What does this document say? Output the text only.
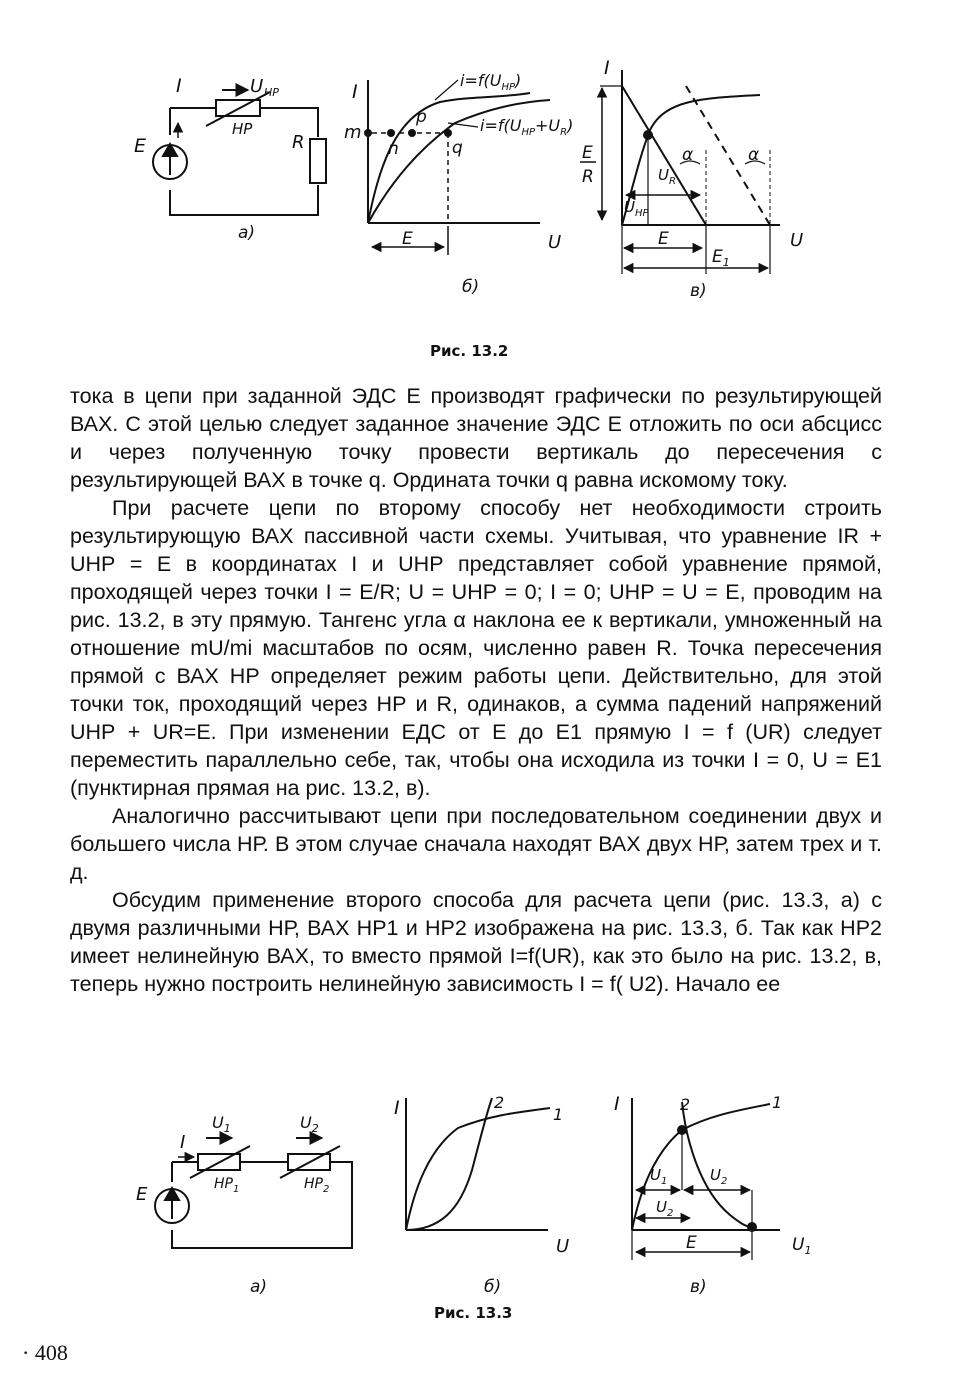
I	U НР
НР
R
E
а)
I
U
$i=f(U_{НР})$
$i=f(U_{НР}+U_R)$
m
n
p
q
E
б)
I
U
E
R	$U_R$
$U_{НР}$
α	α
E
$E_1$
в)
Рис. 13.2

тока в цепи при заданной ЭДС E производят графически по результирующей ВАХ. С этой целью следует заданное значение ЭДС E отложить по оси абсцисс и через полученную точку провести вертикаль до пересечения с результирующей ВАХ в точке q. Ордината точки q равна искомому току.

При расчете цепи по второму способу нет необходимости строить результирующую ВАХ пассивной части схемы. Учитывая, что уравнение IR + UНР = E в координатах I и UНР представляет собой уравнение прямой, проходящей через точки I = E/R; U = UНР = 0; I = 0; UНР = U = E, проводим на рис. 13.2, в эту прямую. Тангенс угла α наклона ее к вертикали, умноженный на отношение mU/mi масштабов по осям, численно равен R. Точка пересечения прямой с ВАХ НР определяет режим работы цепи. Действительно, для этой точки ток, проходящий через НР и R, одинаков, а сумма падений напряжений UНР + UR=E. При изменении ЕДС от E до E1 прямую I = f (UR) следует переместить параллельно себе, так, чтобы она исходила из точки I = 0, U = E1 (пунктирная прямая на рис. 13.2, в).

Аналогично рассчитывают цепи при последовательном соединении двух и большего числа НР. В этом случае сначала находят ВАХ двух НР, затем трех и т. д.

Обсудим применение второго способа для расчета цепи (рис. 13.3, а) с двумя различными НР, ВАХ НР1 и НР2 изображена на рис. 13.3, б. Так как НР2 имеет нелинейную ВАХ, то вместо прямой I=f(UR), как это было на рис. 13.2, в, теперь нужно построить нелинейную зависимость I = f( U2). Начало ее

$U_1$	$U_2$
I
$НР_1$	$НР_2$
E
а)
I
U
1
2
б)
I
$U_1$
1
2
$U_1$	$U_2$
$U_2$
E
в)
Рис. 13.3
· 408
